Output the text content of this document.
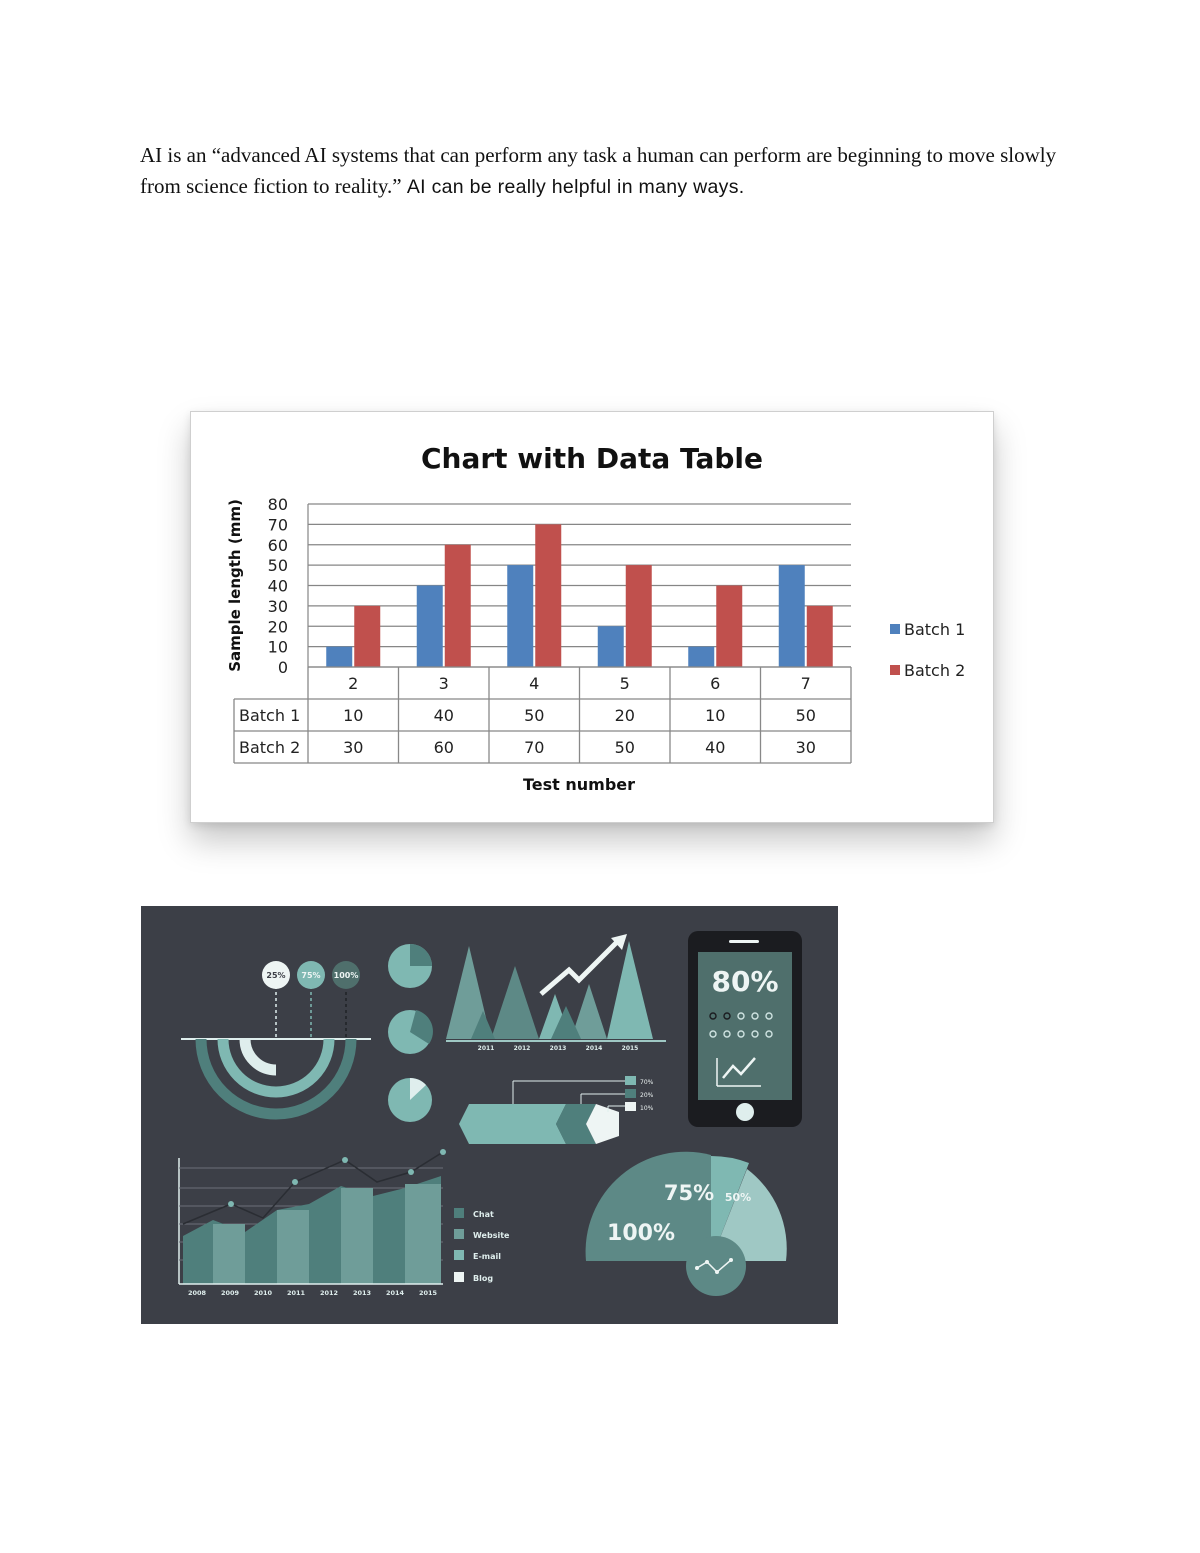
AI is an “advanced AI systems that can perform any task a human can perform are beginning to move slowly from science fiction to reality.” AI can be really helpful in many ways.
Chart with Data Table
0
10
20
30
40
50
60
70
80
Sample length (mm)
2	3	4	5	6	7
Batch 1	10	40	50	20	10	50
Batch 2	30	60	70	50	40	30
Test number
Batch 1
Batch 2
25% 75% 100%
2011	2012	2013	2014	2015
80%
70%
20%
10%
2008 2009 2010 2011 2012 2013 2014 2015
Chat
Website
E-mail
Blog
100%
75% 50%
